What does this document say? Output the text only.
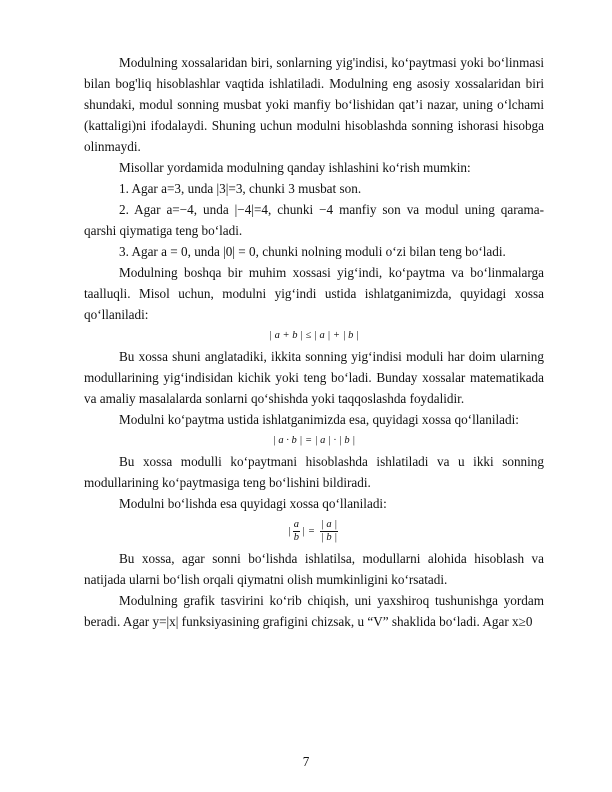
Modulning xossalaridan biri, sonlarning yig'indisi, ko‘paytmasi yoki bo‘linmasi bilan bog'liq hisoblashlar vaqtida ishlatiladi. Modulning eng asosiy xossalaridan biri shundaki, modul sonning musbat yoki manfiy bo‘lishidan qat’i nazar, uning o‘lchami (kattaligi)ni ifodalaydi. Shuning uchun modulni hisoblashda sonning ishorasi hisobga olinmaydi.

Misollar yordamida modulning qanday ishlashini ko‘rish mumkin:

1. Agar a=3, unda |3|=3, chunki 3 musbat son.

2. Agar a=−4, unda |−4|=4, chunki −4 manfiy son va modul uning qarama-qarshi qiymatiga teng bo‘ladi.

3. Agar a = 0, unda |0| = 0, chunki nolning moduli o‘zi bilan teng bo‘ladi.

Modulning boshqa bir muhim xossasi yig‘indi, ko‘paytma va bo‘linmalarga taalluqli. Misol uchun, modulni yig‘indi ustida ishlatganimizda, quyidagi xossa qo‘llaniladi:

| a + b | ≤ | a | + | b |

Bu xossa shuni anglatadiki, ikkita sonning yig‘indisi moduli har doim ularning modullarining yig‘indisidan kichik yoki teng bo‘ladi. Bunday xossalar matematikada va amaliy masalalarda sonlarni qo‘shishda yoki taqqoslashda foydalidir.

Modulni ko‘paytma ustida ishlatganimizda esa, quyidagi xossa qo‘llaniladi:

| a · b | = | a | · | b |

Bu xossa modulli ko‘paytmani hisoblashda ishlatiladi va u ikki sonning modullarining ko‘paytmasiga teng bo‘lishini bildiradi.

Modulni bo‘lishda esa quyidagi xossa qo‘llaniladi:

| $\frac{a}{b}$ | = $\frac{| a |}{| b |}$

Bu xossa, agar sonni bo‘lishda ishlatilsa, modullarni alohida hisoblash va natijada ularni bo‘lish orqali qiymatni olish mumkinligini ko‘rsatadi.

Modulning grafik tasvirini ko‘rib chiqish, uni yaxshiroq tushunishga yordam beradi. Agar y=|x| funksiyasining grafigini chizsak, u “V” shaklida bo‘ladi. Agar x≥0

7
